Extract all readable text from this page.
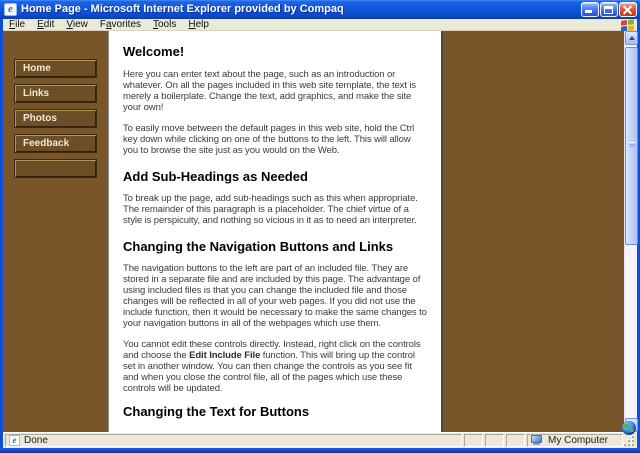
e Home Page - Microsoft Internet Explorer provided by Compaq
File	Edit	View	Favorites	Tools	Help
Home
Links
Photos
Feedback
Welcome!

Here you can enter text about the page, such as an introduction or whatever. On all the pages included in this web site template, the text is merely a boilerplate. Change the text, add graphics, and make the site your own!

To easily move between the default pages in this web site, hold the Ctrl key down while clicking on one of the buttons to the left. This will allow you to browse the site just as you would on the Web.

Add Sub-Headings as Needed

To break up the page, add sub-headings such as this when appropriate. The remainder of this paragraph is a placeholder. The chief virtue of a style is perspicuity, and nothing so vicious in it as to need an interpreter.

Changing the Navigation Buttons and Links

The navigation buttons to the left are part of an included file. They are stored in a separate file and are included by this page. The advantage of using included files is that you can change the included file and those changes will be reflected in all of your web pages. If you did not use the include function, then it would be necessary to make the same changes to your navigation buttons in all of the webpages which use them.

You cannot edit these controls directly. Instead, right click on the controls and choose the Edit Include File function. This will bring up the control set in another window. You can then change the controls as you see fit and when you close the control file, all of the pages which use these controls will be updated.

Changing the Text for Buttons
e Done	My Computer
